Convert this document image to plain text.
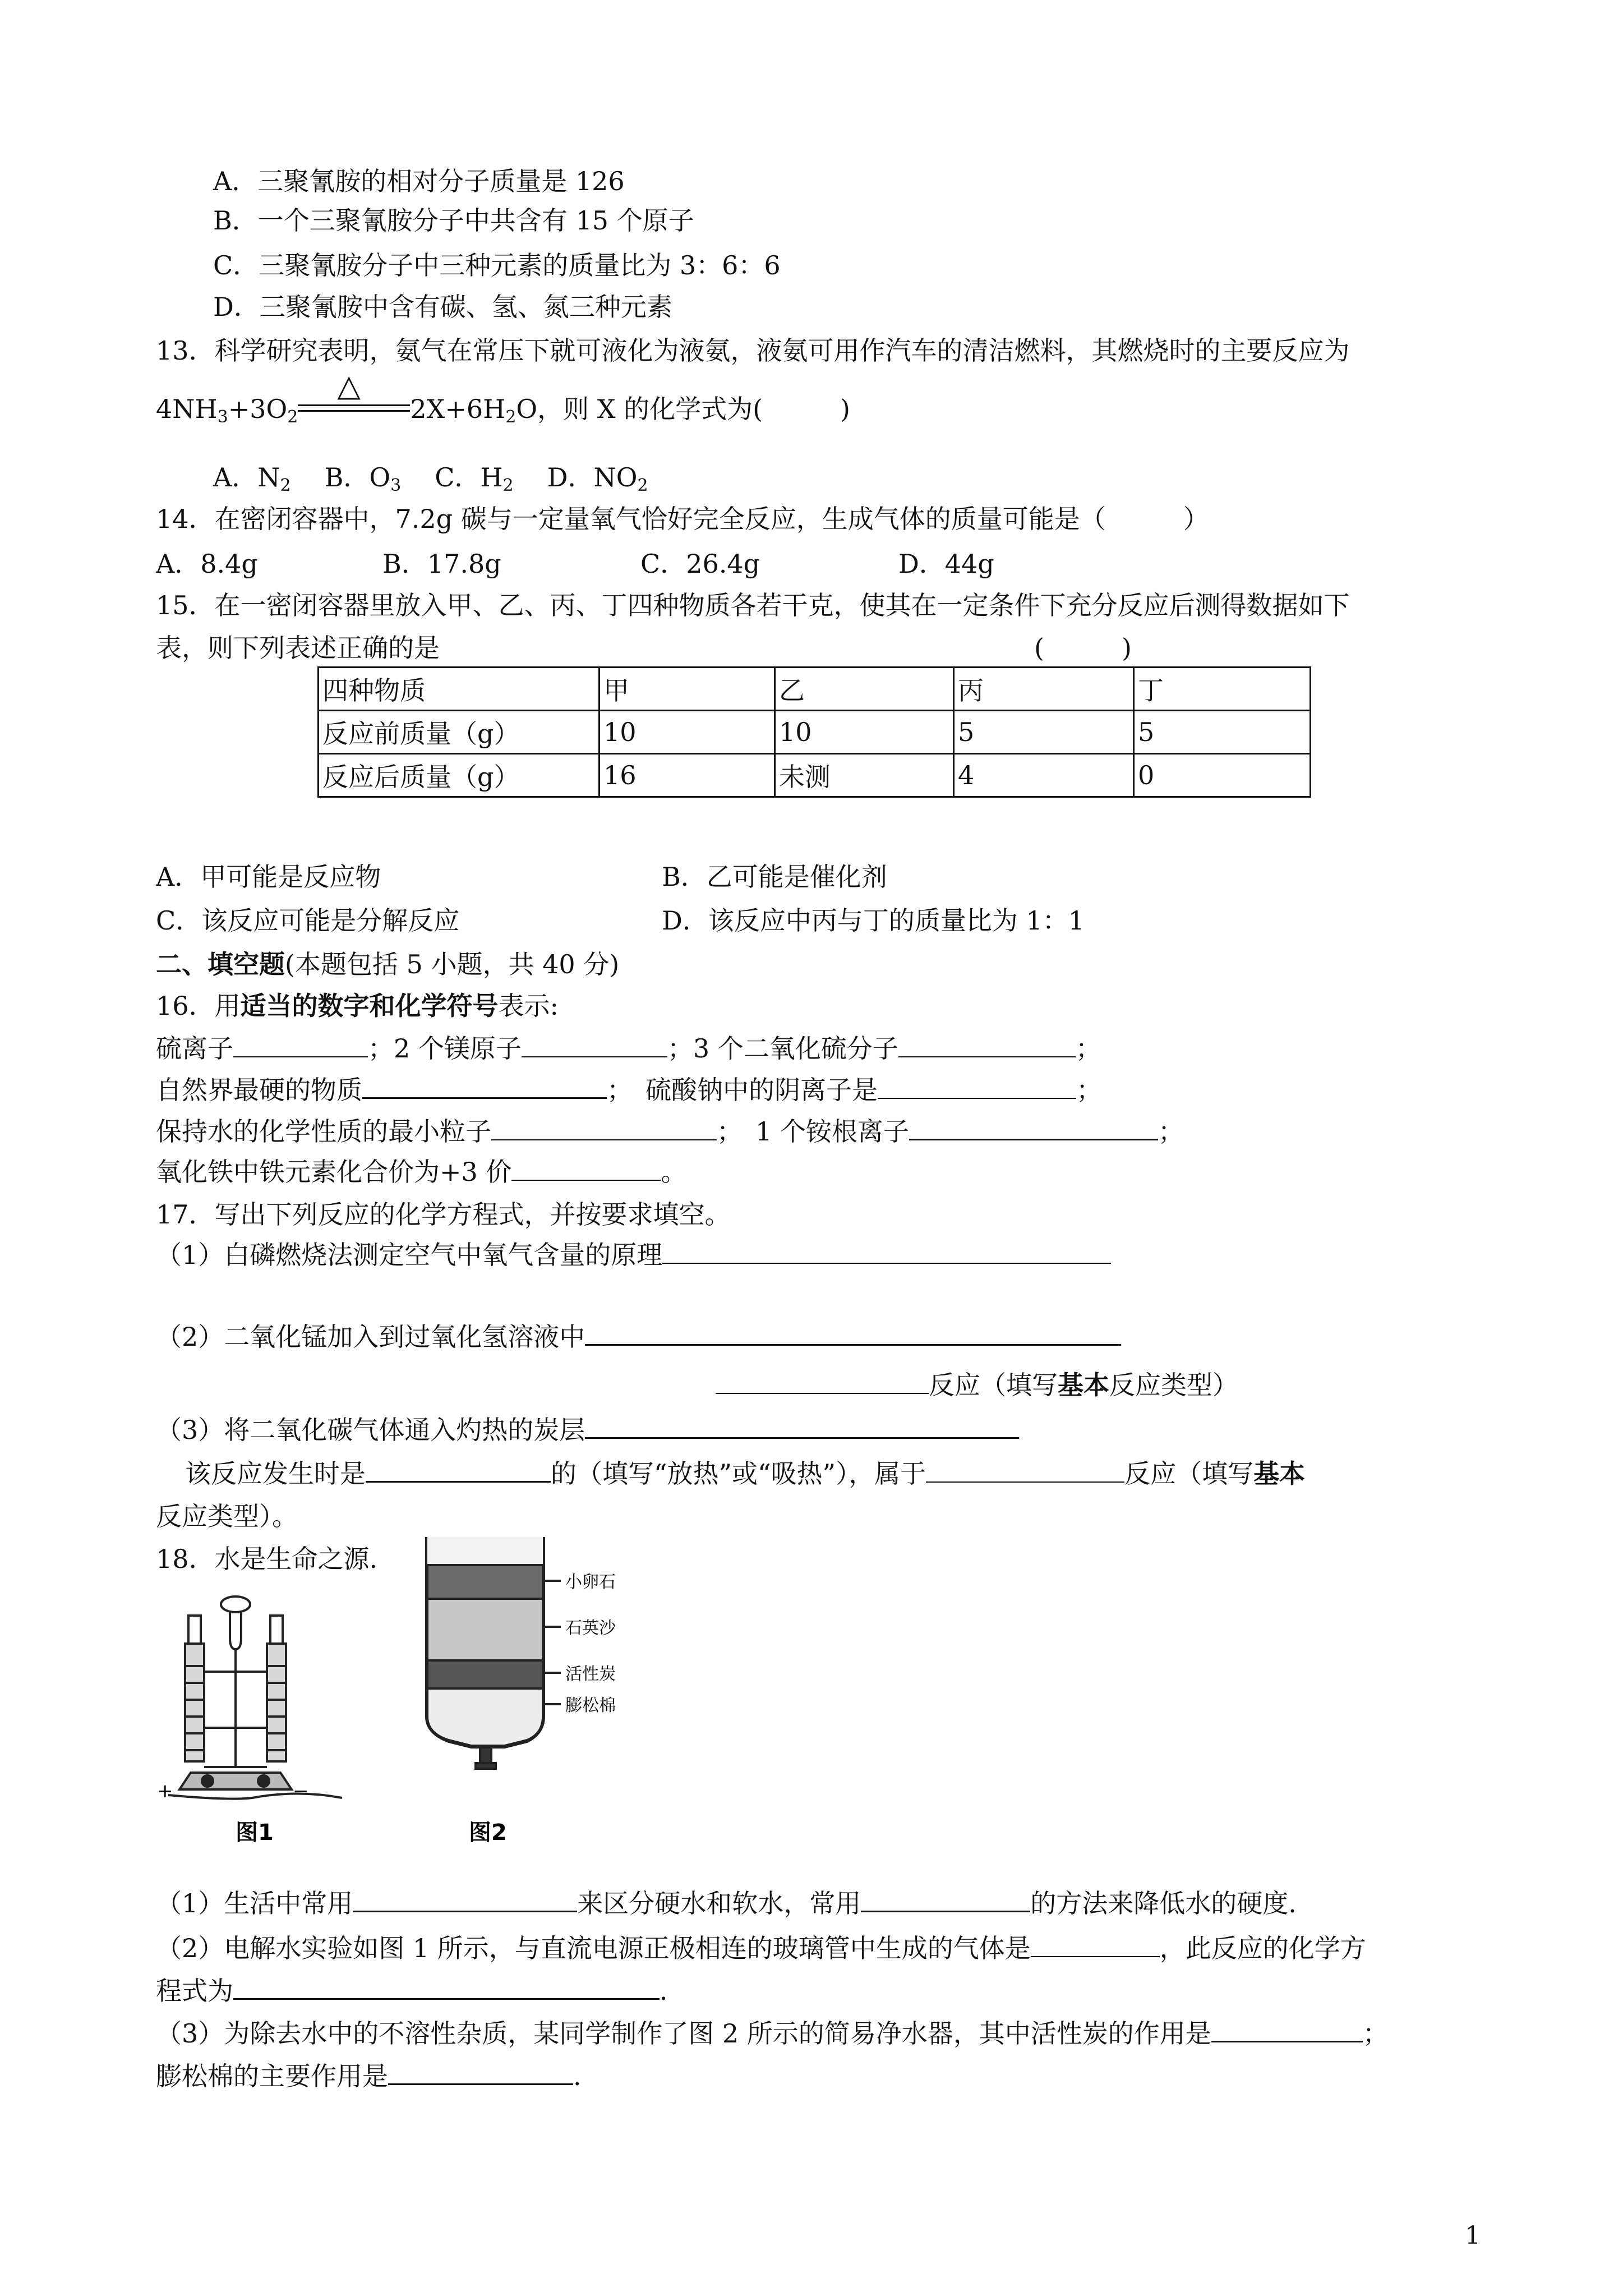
A．三聚氰胺的相对分子质量是 126
B．一个三聚氰胺分子中共含有 15 个原子
C．三聚氰胺分子中三种元素的质量比为 3：6：6
D．三聚氰胺中含有碳、氢、氮三种元素
13．科学研究表明，氨气在常压下就可液化为液氨，液氨可用作汽车的清洁燃料，其燃烧时的主要反应为
$4NH_3+3O_2$
△
$2X+6H_2O$，则 X 的化学式为(　　　)
A．$N_2$ B．$O_3$ C．$H_2$ D．$NO_2$
14．在密闭容器中，7.2g 碳与一定量氧气恰好完全反应，生成气体的质量可能是（　　　）
A．8.4g	B．17.8g	C．26.4g	D．44g
15．在一密闭容器里放入甲、乙、丙、丁四种物质各若干克，使其在一定条件下充分反应后测得数据如下
表，则下列表述正确的是	(　　　)
四种物质	甲	乙	丙	丁
反应前质量（g）	10	10	5	5
反应后质量（g）	16	未测	4	0
A．甲可能是反应物	B．乙可能是催化剂
C．该反应可能是分解反应	D．该反应中丙与丁的质量比为 1：1
二、填空题(本题包括 5 小题，共 40 分)
16．用适当的数字和化学符号表示:
硫离子	；2 个镁原子	；3 个二氧化硫分子	；
自然界最硬的物质	；　硫酸钠中的阴离子是	；
保持水的化学性质的最小粒子	；　1 个铵根离子	；
氧化铁中铁元素化合价为+3 价	。
17．写出下列反应的化学方程式，并按要求填空。
（1）白磷燃烧法测定空气中氧气含量的原理
（2）二氧化锰加入到过氧化氢溶液中
反应（填写基本反应类型）
（3）将二氧化碳气体通入灼热的炭层
该反应发生时是	的（填写“放热”或“吸热”），属于	反应（填写基本
反应类型）。
18．水是生命之源.
+	−
图1
小卵石
石英沙
活性炭
膨松棉
图2
（1）生活中常用	来区分硬水和软水，常用	的方法来降低水的硬度.
（2）电解水实验如图 1 所示，与直流电源正极相连的玻璃管中生成的气体是	，此反应的化学方
程式为	．
（3）为除去水中的不溶性杂质，某同学制作了图 2 所示的简易净水器，其中活性炭的作用是	；
膨松棉的主要作用是	.
1
